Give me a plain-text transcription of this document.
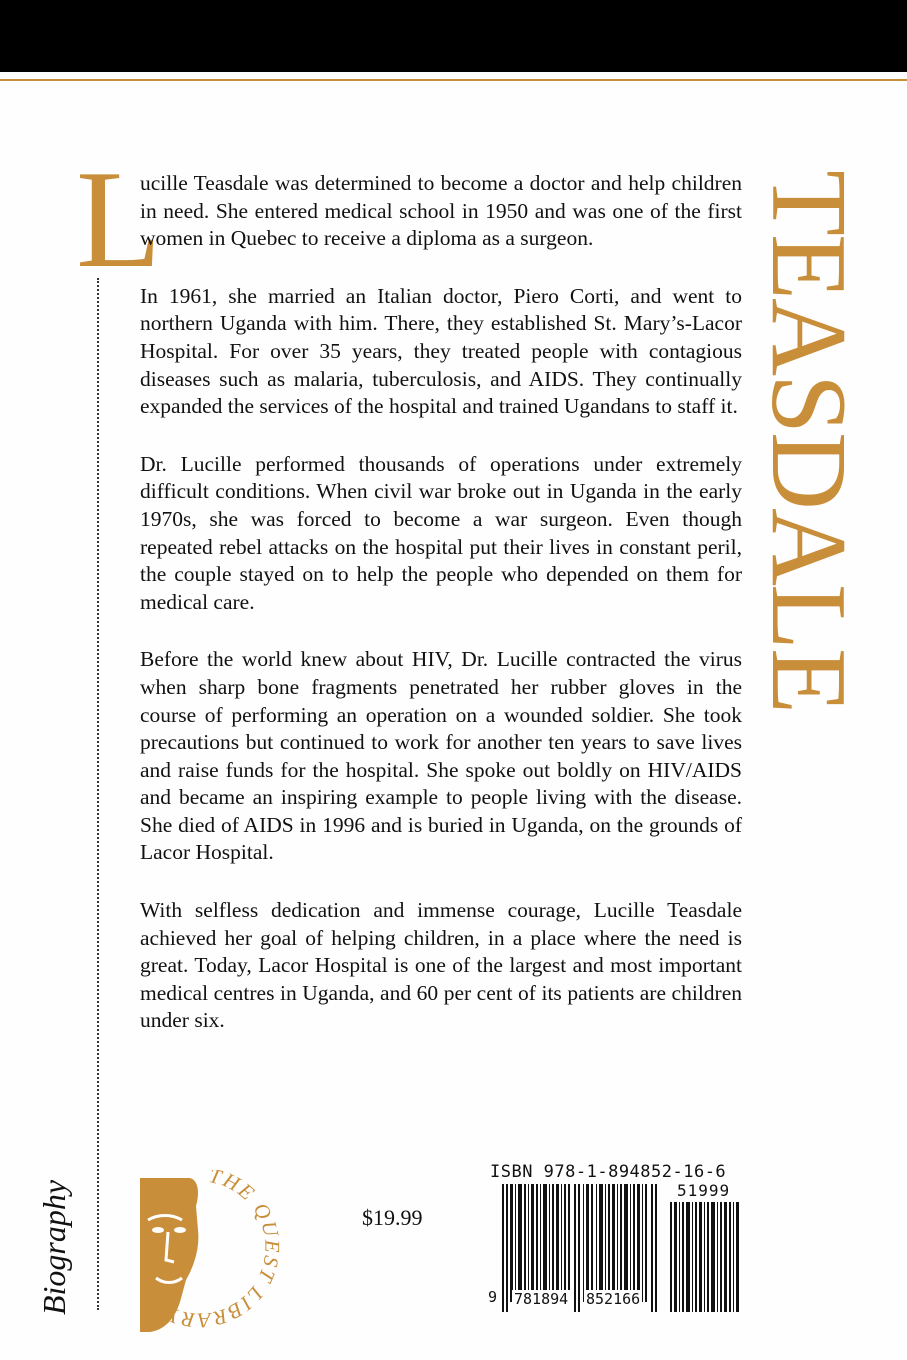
L

ucille Teasdale was determined to become a doctor and help children in need. She entered medical school in 1950 and was one of the first women in Quebec to receive a diploma as a surgeon.

In 1961, she married an Italian doctor, Piero Corti, and went to northern Uganda with him. There, they established St. Mary’s-Lacor Hospital. For over 35 years, they treated people with contagious diseases such as malaria, tuberculosis, and AIDS. They continually expanded the services of the hospital and trained Ugandans to staff it.

Dr. Lucille performed thousands of operations under extremely difficult conditions. When civil war broke out in Uganda in the early 1970s, she was forced to become a war surgeon. Even though repeated rebel attacks on the hospital put their lives in constant peril, the couple stayed on to help the people who depended on them for medical care.

Before the world knew about HIV, Dr. Lucille contracted the virus when sharp bone fragments penetrated her rubber gloves in the course of performing an operation on a wounded soldier. She took precautions but continued to work for another ten years to save lives and raise funds for the hospital. She spoke out boldly on HIV/AIDS and became an inspiring example to people living with the disease. She died of AIDS in 1996 and is buried in Uganda, on the grounds of Lacor Hospital.

With selfless dedication and immense courage, Lucille Teasdale achieved her goal of helping children, in a place where the need is great. Today, Lacor Hospital is one of the largest and most important medical centres in Uganda, and 60 per cent of its patients are children under six.

TEASDALE
Biography
THE QUEST LIBRARY
$19.99
ISBN 978-1-894852-16-6
51999
9 781894 852166
